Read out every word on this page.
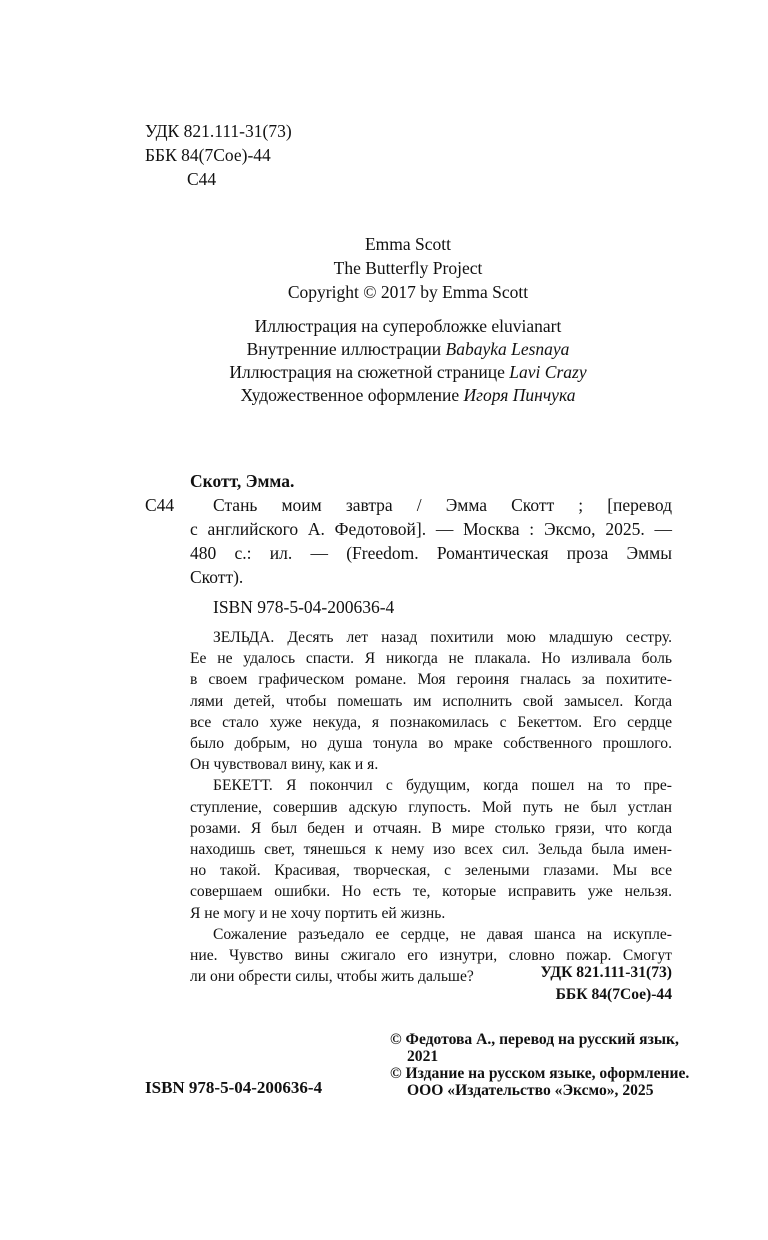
УДК 821.111-31(73)
ББК 84(7Сое)-44
С44
Emma Scott
The Butterfly Project
Copyright © 2017 by Emma Scott
Иллюстрация на суперобложке eluvianart
Внутренние иллюстрации Babayka Lesnaya
Иллюстрация на сюжетной странице Lavi Crazy
Художественное оформление Игоря Пинчука
Скотт, Эмма.
С44 Стань моим завтра / Эмма Скотт ; [перевод
с английского А. Федотовой]. — Москва : Эксмо, 2025. —
480 с.: ил. — (Freedom. Романтическая проза Эммы
Скотт).
ISBN 978-5-04-200636-4
ЗЕЛЬДА. Десять лет назад похитили мою младшую сестру.
Ее не удалось спасти. Я никогда не плакала. Но изливала боль
в своем графическом романе. Моя героиня гналась за похитите-
лями детей, чтобы помешать им исполнить свой замысел. Когда
все стало хуже некуда, я познакомилась с Бекеттом. Его сердце
было добрым, но душа тонула во мраке собственного прошлого.
Он чувствовал вину, как и я.
БЕКЕТТ. Я покончил с будущим, когда пошел на то пре-
ступление, совершив адскую глупость. Мой путь не был устлан
розами. Я был беден и отчаян. В мире столько грязи, что когда
находишь свет, тянешься к нему изо всех сил. Зельда была имен-
но такой. Красивая, творческая, с зелеными глазами. Мы все
совершаем ошибки. Но есть те, которые исправить уже нельзя.
Я не могу и не хочу портить ей жизнь.
Сожаление разъедало ее сердце, не давая шанса на искупле-
ние. Чувство вины сжигало его изнутри, словно пожар. Смогут
ли они обрести силы, чтобы жить дальше?	УДК 821.111-31(73)
ББК 84(7Сое)-44
© Федотова А., перевод на русский язык,
2021
© Издание на русском языке, оформление.
ООО «Издательство «Эксмо», 2025
ISBN 978-5-04-200636-4
